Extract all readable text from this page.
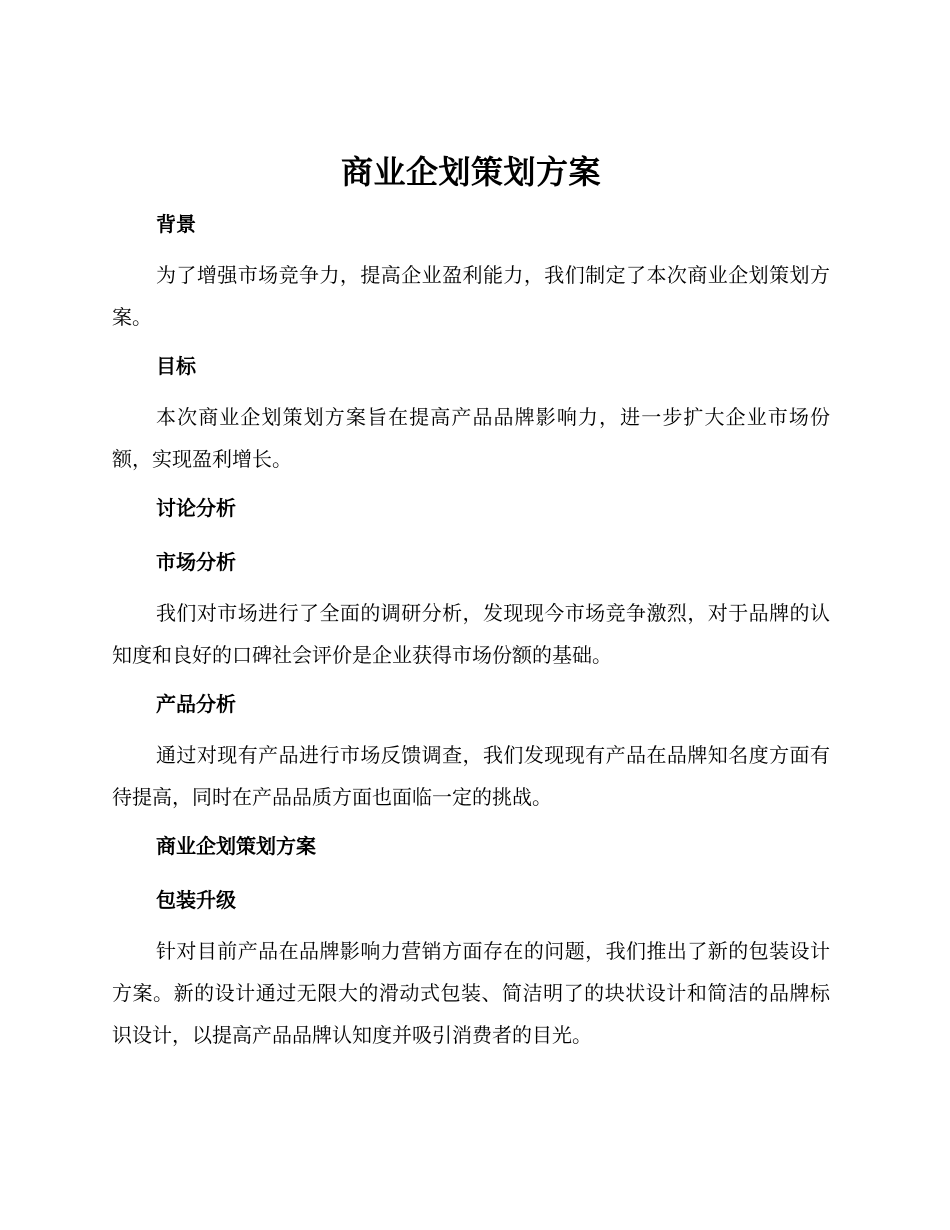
商业企划策划方案
背景

为了增强市场竞争力，提高企业盈利能力，我们制定了本次商业企划策划方案。

目标

本次商业企划策划方案旨在提高产品品牌影响力，进一步扩大企业市场份额，实现盈利增长。

讨论分析
市场分析

我们对市场进行了全面的调研分析，发现现今市场竞争激烈，对于品牌的认知度和良好的口碑社会评价是企业获得市场份额的基础。

产品分析

通过对现有产品进行市场反馈调查，我们发现现有产品在品牌知名度方面有待提高，同时在产品品质方面也面临一定的挑战。

商业企划策划方案
包装升级

针对目前产品在品牌影响力营销方面存在的问题，我们推出了新的包装设计方案。新的设计通过无限大的滑动式包装、简洁明了的块状设计和简洁的品牌标识设计，以提高产品品牌认知度并吸引消费者的目光。
